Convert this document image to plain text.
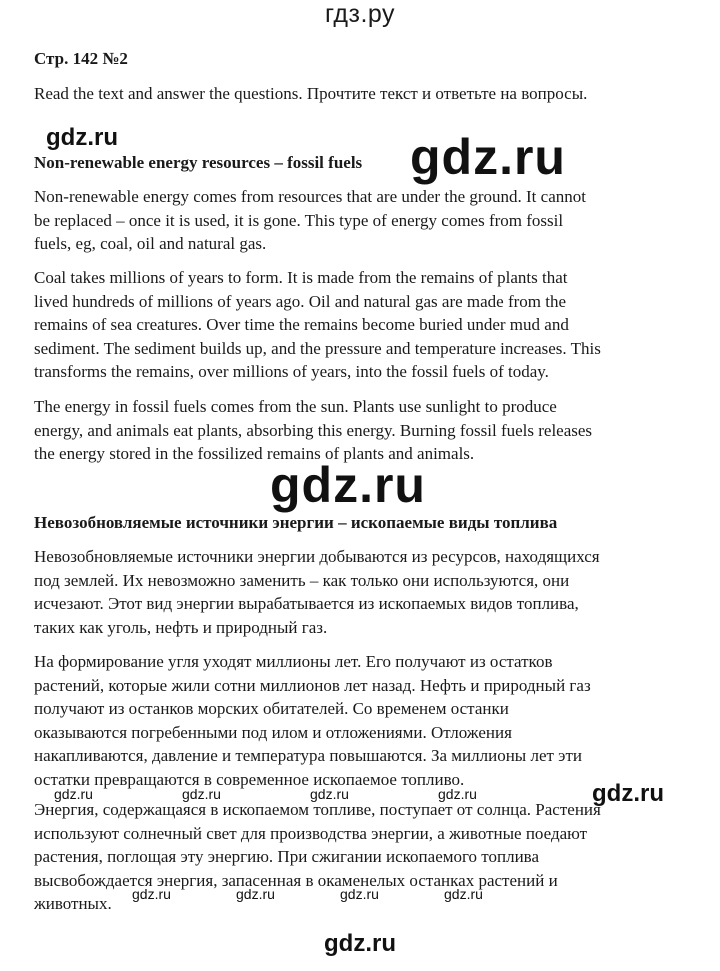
гдз.ру
Стр. 142 №2
Read the text and answer the questions. Прочтите текст и ответьте на вопросы.
Non-renewable energy resources – fossil fuels

Non-renewable energy comes from resources that are under the ground. It cannot
be replaced – once it is used, it is gone. This type of energy comes from fossil
fuels, eg, coal, oil and natural gas.

Coal takes millions of years to form. It is made from the remains of plants that
lived hundreds of millions of years ago. Oil and natural gas are made from the
remains of sea creatures. Over time the remains become buried under mud and
sediment. The sediment builds up, and the pressure and temperature increases. This
transforms the remains, over millions of years, into the fossil fuels of today.

The energy in fossil fuels comes from the sun. Plants use sunlight to produce
energy, and animals eat plants, absorbing this energy. Burning fossil fuels releases
the energy stored in the fossilized remains of plants and animals.

Невозобновляемые источники энергии – ископаемые виды топлива

Невозобновляемые источники энергии добываются из ресурсов, находящихся
под землей. Их невозможно заменить – как только они используются, они
исчезают. Этот вид энергии вырабатывается из ископаемых видов топлива,
таких как уголь, нефть и природный газ.

На формирование угля уходят миллионы лет. Его получают из остатков
растений, которые жили сотни миллионов лет назад. Нефть и природный газ
получают из останков морских обитателей. Со временем останки
оказываются погребенными под илом и отложениями. Отложения
накапливаются, давление и температура повышаются. За миллионы лет эти
остатки превращаются в современное ископаемое топливо.

Энергия, содержащаяся в ископаемом топливе, поступает от солнца. Растения
используют солнечный свет для производства энергии, а животные поедают
растения, поглощая эту энергию. При сжигании ископаемого топлива
высвобождается энергия, запасенная в окаменелых останках растений и
животных.

gdz.ru	gdz.ru
gdz.ru
gdz.ru
gdz.ru	gdz.ru	gdz.ru	gdz.ru
gdz.ru	gdz.ru	gdz.ru	gdz.ru
gdz.ru
